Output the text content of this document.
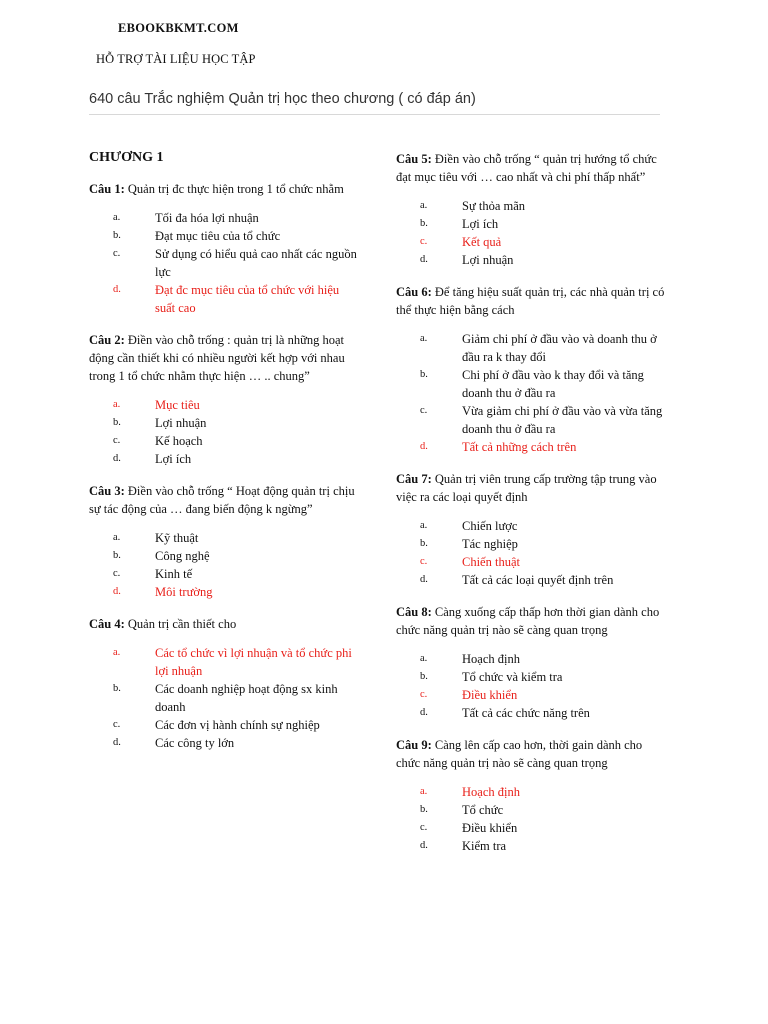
EBOOKBKMT.COM
HỖ TRỢ TÀI LIỆU HỌC TẬP
640 câu Trắc nghiệm Quản trị học theo chương ( có đáp án)
CHƯƠNG 1
Câu 1: Quản trị đc thực hiện trong 1 tổ chức nhằm
a.	Tối đa hóa lợi nhuận
b.	Đạt mục tiêu của tổ chức
c.	Sử dụng có hiểu quả cao nhất các nguồn lực
d.	Đạt đc mục tiêu của tổ chức với hiệu suất cao
Câu 2: Điền vào chỗ trống : quản trị là những hoạt động cần thiết khi có nhiều người kết hợp với nhau trong 1 tổ chức nhằm thực hiện … .. chung”
a.	Mục tiêu
b.	Lợi nhuận
c.	Kế hoạch
d.	Lợi ích
Câu 3: Điền vào chỗ trống “ Hoạt động quản trị chịu sự tác động của … đang biến động k ngừng”
a.	Kỹ thuật
b.	Công nghệ
c.	Kinh tế
d.	Môi trường
Câu 4: Quản trị cần thiết cho
a.	Các tổ chức vì lợi nhuận và tổ chức phi lợi nhuận
b.	Các doanh nghiệp hoạt động sx kinh doanh
c.	Các đơn vị hành chính sự nghiệp
d.	Các công ty lớn
Câu 5: Điền vào chỗ trống “ quản trị hướng tổ chức đạt mục tiêu với … cao nhất và chi phí thấp nhất”
a.	Sự thỏa mãn
b.	Lợi ích
c.	Kết quả
d.	Lợi nhuận
Câu 6: Để tăng hiệu suất quản trị, các nhà quản trị có thể thực hiện bằng cách
a.	Giảm chi phí ở đầu vào và doanh thu ở đầu ra k thay đổi
b.	Chi phí ở đầu vào k thay đổi và tăng doanh thu ở đầu ra
c.	Vừa giảm chi phí ở đầu vào và vừa tăng doanh thu ở đầu ra
d.	Tất cả những cách trên
Câu 7: Quản trị viên trung cấp trường tập trung vào việc ra các loại quyết định
a.	Chiến lược
b.	Tác nghiệp
c.	Chiến thuật
d.	Tất cả các loại quyết định trên
Câu 8: Càng xuống cấp thấp hơn thời gian dành cho chức năng quản trị nào sẽ càng quan trọng
a.	Hoạch định
b.	Tổ chức và kiểm tra
c.	Điều khiển
d.	Tất cả các chức năng trên
Câu 9: Càng lên cấp cao hơn, thời gain dành cho chức năng quản trị nào sẽ càng quan trọng
a.	Hoạch định
b.	Tổ chức
c.	Điều khiển
d.	Kiểm tra
